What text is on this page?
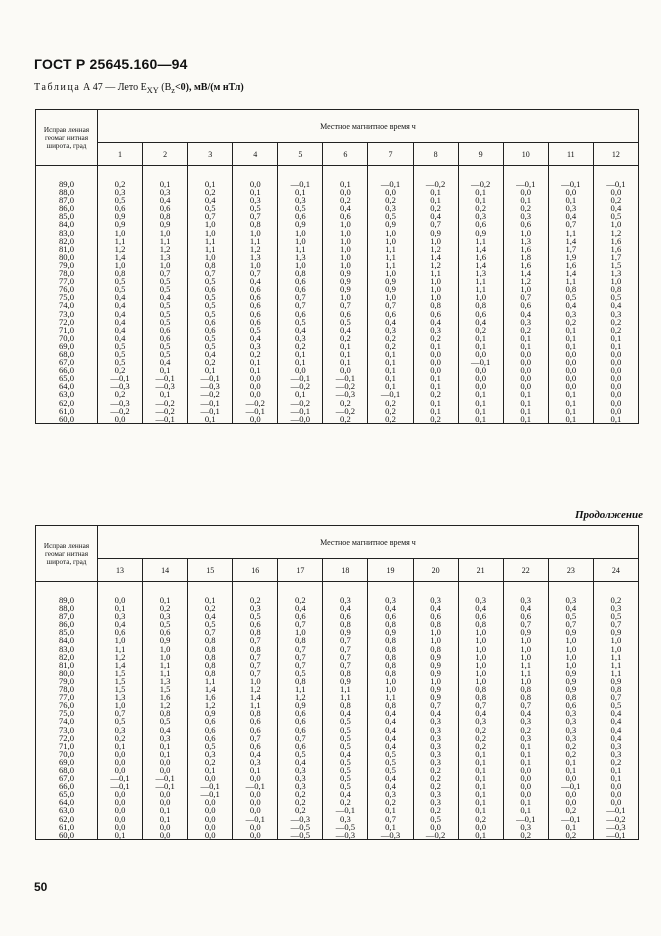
ГОСТ Р 25645.160—94
Таблица А 47 — Лето $E_{XY}$ $(B_z<0)$, мВ/(м нТл)
Исправ ленная геомаг нитная широта, град	Местное магнитное время ч											
	1	2	3	4	5	6	7	8	9	10	11	12
89,0	0,2	0,1	0,1	0,0	—0,1	0,1	—0,1	—0,2	—0,2	—0,1	—0,1	—0,1
88,0	0,3	0,3	0,2	0,1	0,1	0,0	0,0	0,1	0,1	0,0	0,0	0,0
87,0	0,5	0,4	0,4	0,3	0,3	0,2	0,2	0,1	0,1	0,1	0,1	0,2
86,0	0,6	0,6	0,5	0,5	0,5	0,4	0,3	0,2	0,2	0,2	0,3	0,4
85,0	0,9	0,8	0,7	0,7	0,6	0,6	0,5	0,4	0,3	0,3	0,4	0,5
84,0	0,9	0,9	1,0	0,8	0,9	1,0	0,9	0,7	0,6	0,6	0,7	1,0
83,0	1,0	1,0	1,0	1,0	1,0	1,0	1,0	0,9	0,9	1,0	1,1	1,2
82,0	1,1	1,1	1,1	1,1	1,0	1,0	1,0	1,0	1,1	1,3	1,4	1,6
81,0	1,2	1,2	1,1	1,2	1,1	1,0	1,1	1,2	1,4	1,6	1,7	1,6
80,0	1,4	1,3	1,0	1,3	1,3	1,0	1,1	1,4	1,6	1,8	1,9	1,7
79,0	1,0	1,0	0,8	1,0	1,0	1,0	1,1	1,2	1,4	1,6	1,6	1,5
78,0	0,8	0,7	0,7	0,7	0,8	0,9	1,0	1,1	1,3	1,4	1,4	1,3
77,0	0,5	0,5	0,5	0,4	0,6	0,9	0,9	1,0	1,1	1,2	1,1	1,0
76,0	0,5	0,5	0,6	0,6	0,6	0,9	0,9	1,0	1,1	1,0	0,8	0,8
75,0	0,4	0,4	0,5	0,6	0,7	1,0	1,0	1,0	1,0	0,7	0,5	0,5
74,0	0,4	0,5	0,5	0,6	0,7	0,7	0,7	0,8	0,8	0,6	0,4	0,4
73,0	0,4	0,5	0,5	0,6	0,6	0,6	0,6	0,6	0,6	0,4	0,3	0,3
72,0	0,4	0,5	0,6	0,6	0,5	0,5	0,4	0,4	0,4	0,3	0,2	0,2
71,0	0,4	0,6	0,6	0,5	0,4	0,4	0,3	0,3	0,2	0,2	0,1	0,2
70,0	0,4	0,6	0,5	0,4	0,3	0,2	0,2	0,2	0,1	0,1	0,1	0,1
69,0	0,5	0,5	0,5	0,3	0,2	0,1	0,2	0,1	0,1	0,1	0,1	0,1
68,0	0,5	0,5	0,4	0,2	0,1	0,1	0,1	0,0	0,0	0,0	0,0	0,0
67,0	0,5	0,4	0,2	0,1	0,1	0,1	0,1	0,0	—0,1	0,0	0,0	0,0
66,0	0,2	0,1	0,1	0,1	0,0	0,0	0,1	0,0	0,0	0,0	0,0	0,0
65,0	—0,1	—0,1	—0,1	0,0	—0,1	—0,1	0,1	0,1	0,0	0,0	0,0	0,0
64,0	—0,3	—0,3	—0,3	0,0	—0,2	—0,2	0,1	0,1	0,0	0,0	0,0	0,0
63,0	0,2	0,1	—0,2	0,0	0,1	—0,3	—0,1	0,2	0,1	0,1	0,1	0,0
62,0	—0,3	—0,2	—0,1	—0,2	—0,2	0,2	0,2	0,1	0,1	0,1	0,1	0,0
61,0	—0,2	—0,2	—0,1	—0,1	—0,1	—0,2	0,2	0,1	0,1	0,1	0,1	0,0
60,0	0,0	—0,1	0,1	0,0	—0,0	0,2	0,2	0,2	0,1	0,1	0,1	0,1
Продолжение
Исправ ленная геомаг нитная широта, град	Местное магнитное время ч											
	13	14	15	16	17	18	19	20	21	22	23	24
89,0	0,0	0,1	0,1	0,2	0,2	0,3	0,3	0,3	0,3	0,3	0,3	0,2
88,0	0,1	0,2	0,2	0,3	0,4	0,4	0,4	0,4	0,4	0,4	0,4	0,3
87,0	0,3	0,3	0,4	0,5	0,6	0,6	0,6	0,6	0,6	0,6	0,5	0,5
86,0	0,4	0,5	0,5	0,6	0,7	0,8	0,8	0,8	0,8	0,7	0,7	0,7
85,0	0,6	0,6	0,7	0,8	1,0	0,9	0,9	1,0	1,0	0,9	0,9	0,9
84,0	1,0	0,9	0,8	0,7	0,8	0,7	0,8	1,0	1,0	1,0	1,0	1,0
83,0	1,1	1,0	0,8	0,8	0,7	0,7	0,8	0,8	1,0	1,0	1,0	1,0
82,0	1,2	1,0	0,8	0,7	0,7	0,7	0,8	0,9	1,0	1,0	1,0	1,1
81,0	1,4	1,1	0,8	0,7	0,7	0,7	0,8	0,9	1,0	1,1	1,0	1,1
80,0	1,5	1,1	0,8	0,7	0,5	0,8	0,8	0,9	1,0	1,1	0,9	1,1
79,0	1,5	1,3	1,1	1,0	0,8	0,9	1,0	1,0	1,0	1,0	0,9	0,9
78,0	1,5	1,5	1,4	1,2	1,1	1,1	1,0	0,9	0,8	0,8	0,9	0,8
77,0	1,3	1,6	1,6	1,4	1,2	1,1	1,1	0,9	0,8	0,8	0,8	0,7
76,0	1,0	1,2	1,2	1,1	0,9	0,8	0,8	0,7	0,7	0,7	0,6	0,5
75,0	0,7	0,8	0,9	0,8	0,6	0,4	0,4	0,4	0,4	0,4	0,3	0,4
74,0	0,5	0,5	0,6	0,6	0,6	0,5	0,4	0,3	0,3	0,3	0,3	0,4
73,0	0,3	0,4	0,6	0,6	0,6	0,5	0,4	0,3	0,2	0,2	0,3	0,4
72,0	0,2	0,3	0,6	0,7	0,7	0,5	0,4	0,3	0,2	0,3	0,3	0,4
71,0	0,1	0,1	0,5	0,6	0,6	0,5	0,4	0,3	0,2	0,1	0,2	0,3
70,0	0,0	0,1	0,3	0,4	0,5	0,4	0,5	0,3	0,1	0,1	0,2	0,3
69,0	0,0	0,0	0,2	0,3	0,4	0,5	0,5	0,3	0,1	0,1	0,1	0,2
68,0	0,0	0,0	0,1	0,1	0,3	0,5	0,5	0,2	0,1	0,0	0,1	0,1
67,0	—0,1	—0,1	0,0	0,0	0,3	0,5	0,4	0,2	0,1	0,0	0,0	0,1
66,0	—0,1	—0,1	—0,1	—0,1	0,3	0,5	0,4	0,2	0,1	0,0	—0,1	0,0
65,0	0,0	0,0	—0,1	0,0	0,2	0,4	0,3	0,3	0,1	0,0	0,0	0,0
64,0	0,0	0,0	0,0	0,0	0,2	0,2	0,2	0,3	0,1	0,1	0,0	0,0
63,0	0,0	0,1	0,0	0,0	0,2	—0,1	0,1	0,2	0,1	0,1	0,2	—0,1
62,0	0,0	0,1	0,0	—0,1	—0,3	0,3	0,7	0,5	0,2	—0,1	—0,1	—0,2
61,0	0,0	0,0	0,0	0,0	—0,5	—0,5	0,1	0,0	0,0	0,3	0,1	—0,3
60,0	0,1	0,0	0,0	0,0	—0,5	—0,3	—0,3	—0,2	0,1	0,2	0,2	—0,1
50
